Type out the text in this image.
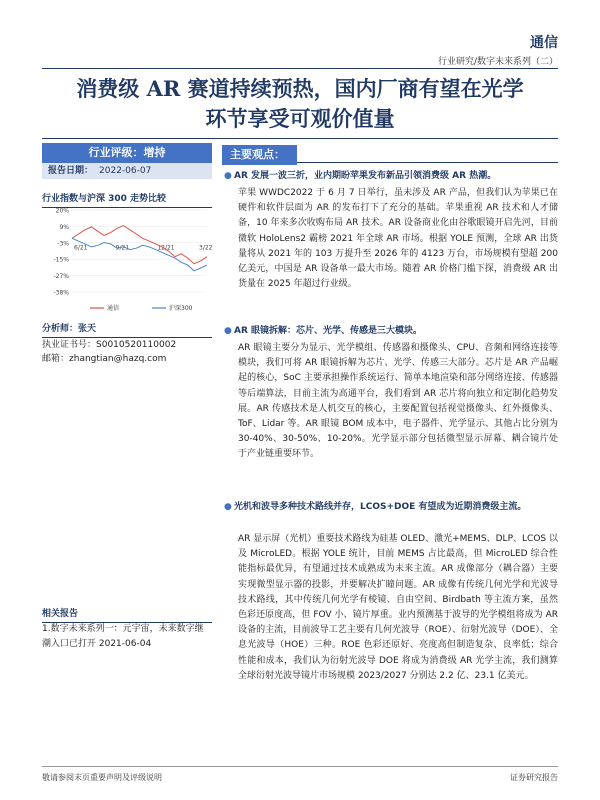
通信
行业研究/数字未来系列（二）
消费级 AR 赛道持续预热，国内厂商有望在光学
环节享受可观价值量
行业评级：增持
报告日期： 2022-06-07
行业指数与沪深 300 走势比较
20%
9%
-3%
-15%
-27%
-38%
6/21	9/21	12/21	3/22
通信	沪深300
分析师：张天
执业证书号：S0010520110002
邮箱：zhangtian@hazq.com
相关报告
1.数字未来系列一：元宇宙，未来数字继潮入口已打开 2021-06-04
主要观点：
● AR 发展一波三折，业内期盼苹果发布新品引领消费级 AR 热潮。
苹果 WWDC2022 于 6 月 7 日举行，虽未涉及 AR 产品，但我们认为苹果已在硬件和软件层面为 AR 的发布打下了充分的基础。苹果重视 AR 技术和人才储备，10 年来多次收购布局 AR 技术。AR 设备商业化由谷歌眼镜开启先河，目前微软 HoloLens2 霸榜 2021 年全球 AR 市场。根据 YOLE 预测，全球 AR 出货量将从 2021 年的 103 万提升至 2026 年的 4123 万台，市场规模有望超 200 亿美元，中国是 AR 设备单一最大市场。随着 AR 价格门槛下探，消费级 AR 出货量在 2025 年超过行业级。
● AR 眼镜拆解：芯片、光学、传感是三大模块。
AR 眼镜主要分为显示、光学模组、传感器和摄像头、CPU、音频和网络连接等模块，我们可将 AR 眼镜拆解为芯片、光学、传感三大部分。芯片是 AR 产品崛起的核心，SoC 主要承担操作系统运行、简单本地渲染和部分网络连接、传感器等后端算法，目前主流为高通平台，我们看到 AR 芯片将向独立和定制化趋势发展。AR 传感技术是人机交互的核心，主要配置包括视觉摄像头、红外摄像头、ToF、Lidar 等。AR 眼镜 BOM 成本中，电子器件、光学显示、其他占比分别为 30-40%、30-50%、10-20%。光学显示部分包括微型显示屏幕、耦合镜片处于产业链重要环节。
● 光机和波导多种技术路线并存，LCOS+DOE 有望成为近期消费级主流。
AR 显示屏（光机）重要技术路线为硅基 OLED、激光+MEMS、DLP、LCOS 以及 MicroLED。根据 YOLE 统计，目前 MEMS 占比最高，但 MicroLED 综合性能指标最优异，有望通过技术成熟成为未来主流。AR 成像部分（耦合器）主要实现微型显示器的投影，并要解决扩瞳问题。AR 成像有传统几何光学和光波导技术路线，其中传统几何光学有棱镜、自由空间、Birdbath 等主流方案，虽然色彩还原度高，但 FOV 小、镜片厚重。业内预测基于波导的光学模组将成为 AR 设备的主流，目前波导工艺主要有几何光波导（ROE）、衍射光波导（DOE）、全息光波导（HOE）三种。ROE 色彩还原好、亮度高但制造复杂、良率低；综合性能和成本，我们认为衍射光波导 DOE 将成为消费级 AR 光学主流，我们测算全球衍射光波导镜片市场规模 2023/2027 分别达 2.2 亿、23.1 亿美元。
敬请参阅末页重要声明及评级说明	证券研究报告
